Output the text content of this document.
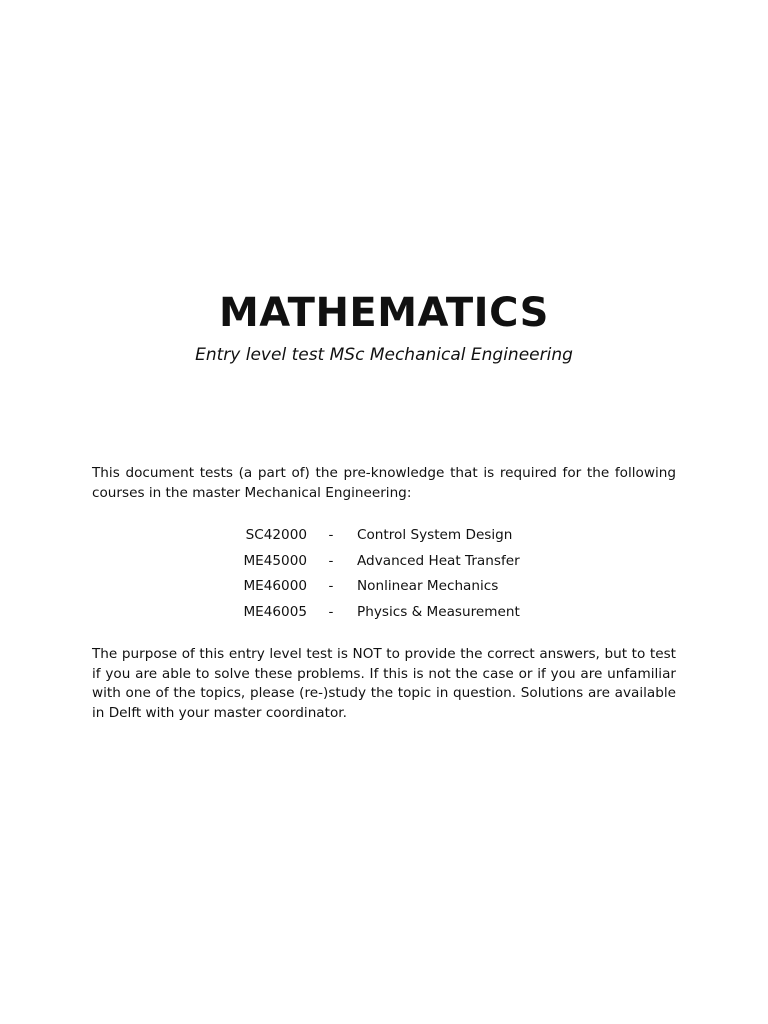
MATHEMATICS

Entry level test MSc Mechanical Engineering

This document tests (a part of) the pre-knowledge that is required for the following courses in the master Mechanical Engineering:

SC42000 - Control System Design
ME45000 - Advanced Heat Transfer
ME46000 - Nonlinear Mechanics
ME46005 - Physics & Measurement

The purpose of this entry level test is NOT to provide the correct answers, but to test if you are able to solve these problems. If this is not the case or if you are unfamiliar with one of the topics, please (re-)study the topic in question. Solutions are available in Delft with your master coordinator.
